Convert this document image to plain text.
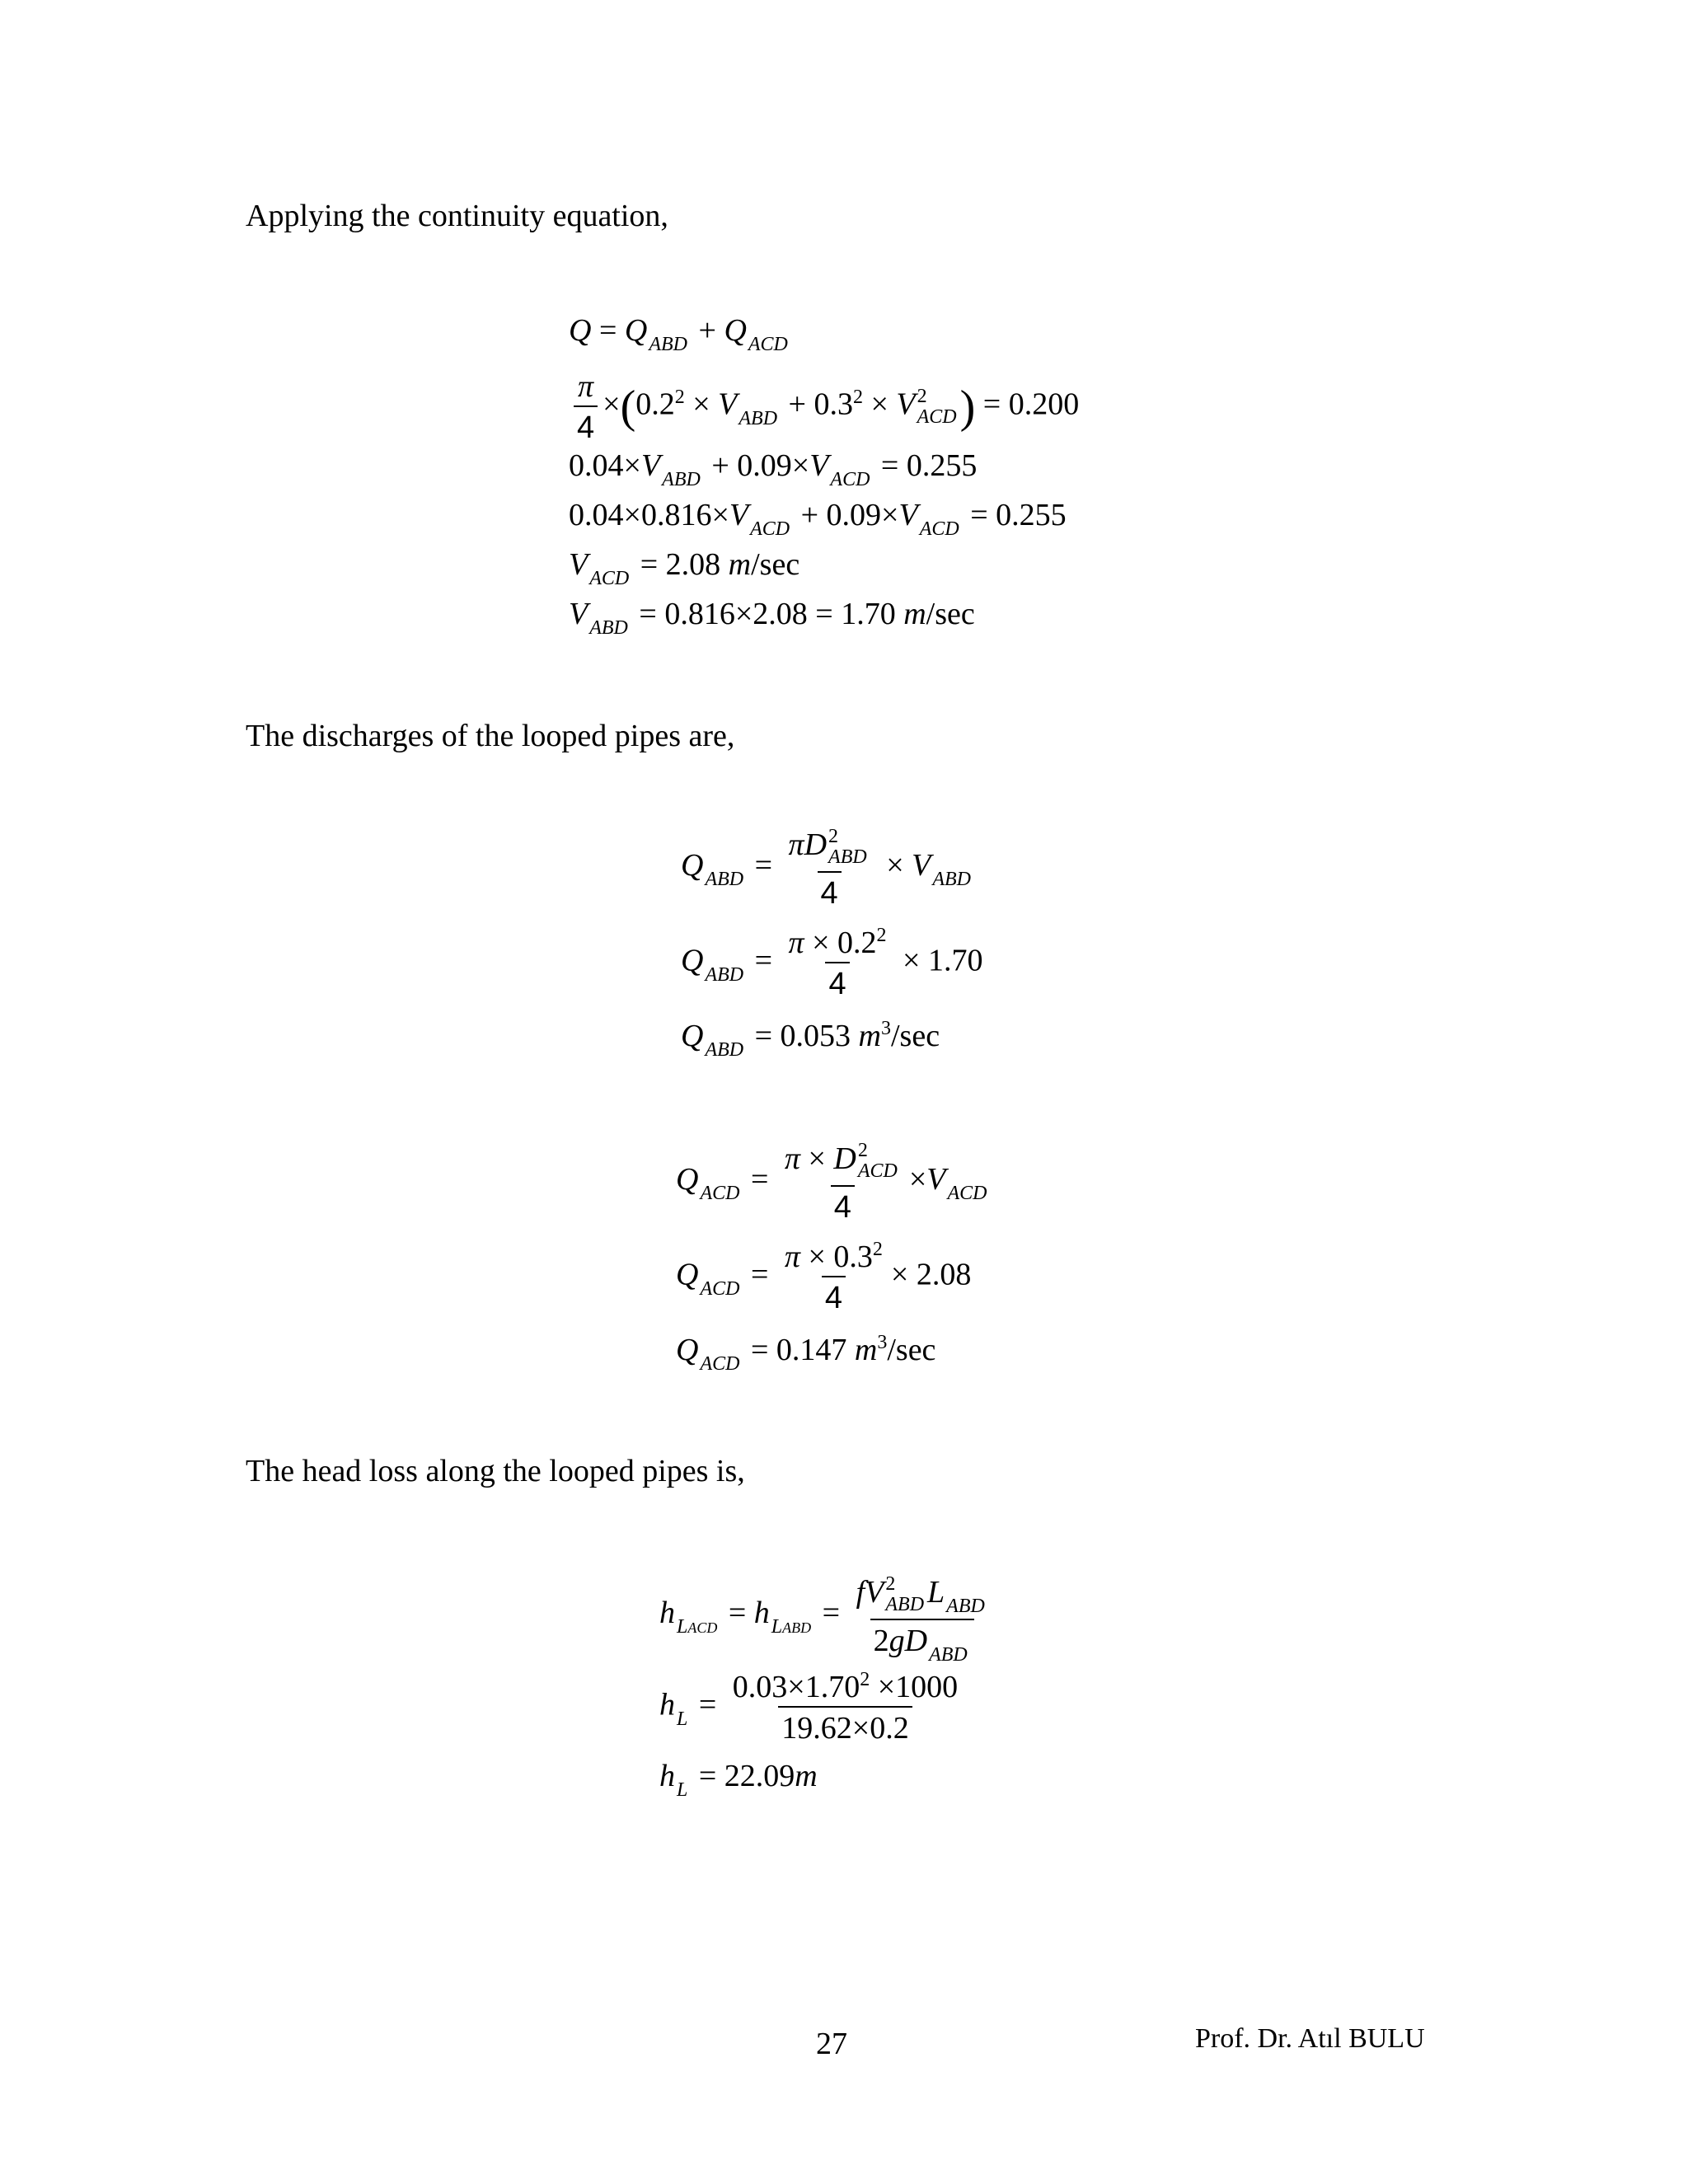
Applying the continuity equation,
$Q = Q_{ABD} + Q_{ACD}$
$\frac{\pi}{4} \times(0.2^2 \times V_{ABD} + 0.3^2 \times V$ 2
ACD ) = 0.200
$0.04\times V_{ABD} + 0.09\times V_{ACD} = 0.255$
$0.04\times 0.816\times V_{ACD} + 0.09\times V_{ACD} = 0.255$
$V_{ACD} = 2.08$ m/sec
$V_{ABD} = 0.816\times 2.08 = 1.70$ m/sec
The discharges of the looped pipes are,
$Q_{ABD} = \pi D$ 2
ABD
$4 \times V_{ABD}$
$Q_{ABD} = \frac{\pi \times 0.2^2}{4} \times 1.70$
$Q_{ABD} = 0.053$ $m^3/\sec$
$Q_{ACD} = \pi \times D$ 2
ACD
$4 \times V_{ACD}$
$Q_{ACD} = \frac{\pi \times 0.3^2}{4} \times 2.08$
$Q_{ACD} = 0.147$ $m^3/\sec$
The head loss along the looped pipes is,
$h_{LACD} = h_{LABD}$ = fV 2
ABD $L_{ABD}$
$2gD_{ABD}$
$h_L = \frac{0.03\times 1.70^2 \times 1000}{19.62\times 0.2}$
$h_L = 22.09m$
27	Prof. Dr. Atıl BULU
